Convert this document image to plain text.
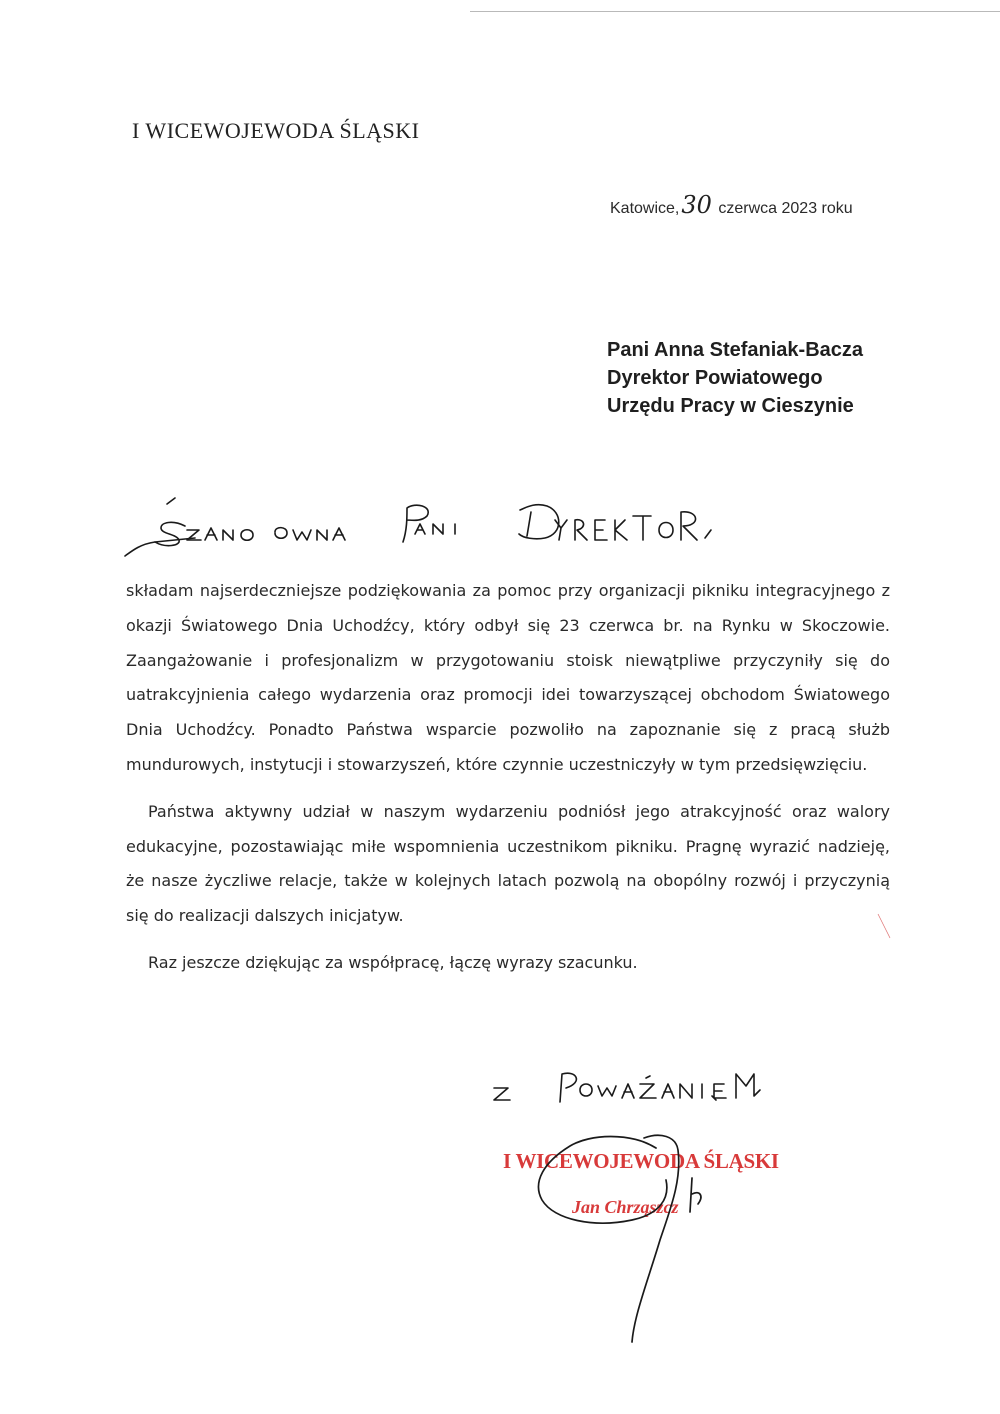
I WICEWOJEWODA ŚLĄSKI
Katowice,30 czerwca 2023 roku
Pani Anna Stefaniak-Bacza
Dyrektor Powiatowego
Urzędu Pracy w Cieszynie

składam najserdeczniejsze podziękowania za pomoc przy organizacji pikniku integracyjnego z okazji Światowego Dnia Uchodźcy, który odbył się 23 czerwca br. na Rynku w Skoczowie. Zaangażowanie i profesjonalizm w przygotowaniu stoisk niewątpliwe przyczyniły się do uatrakcyjnienia całego wydarzenia oraz promocji idei towarzyszącej obchodom Światowego Dnia Uchodźcy. Ponadto Państwa wsparcie pozwoliło na zapoznanie się z pracą służb mundurowych, instytucji i stowarzyszeń, które czynnie uczestniczyły w tym przedsięwzięciu.

Państwa aktywny udział w naszym wydarzeniu podniósł jego atrakcyjność oraz walory edukacyjne, pozostawiając miłe wspomnienia uczestnikom pikniku. Pragnę wyrazić nadzieję, że nasze życzliwe relacje, także w kolejnych latach pozwolą na obopólny rozwój i przyczynią się do realizacji dalszych inicjatyw.

Raz jeszcze dziękując za współpracę, łączę wyrazy szacunku.

I WICEWOJEWODA ŚLĄSKI
Jan Chrząszcz
